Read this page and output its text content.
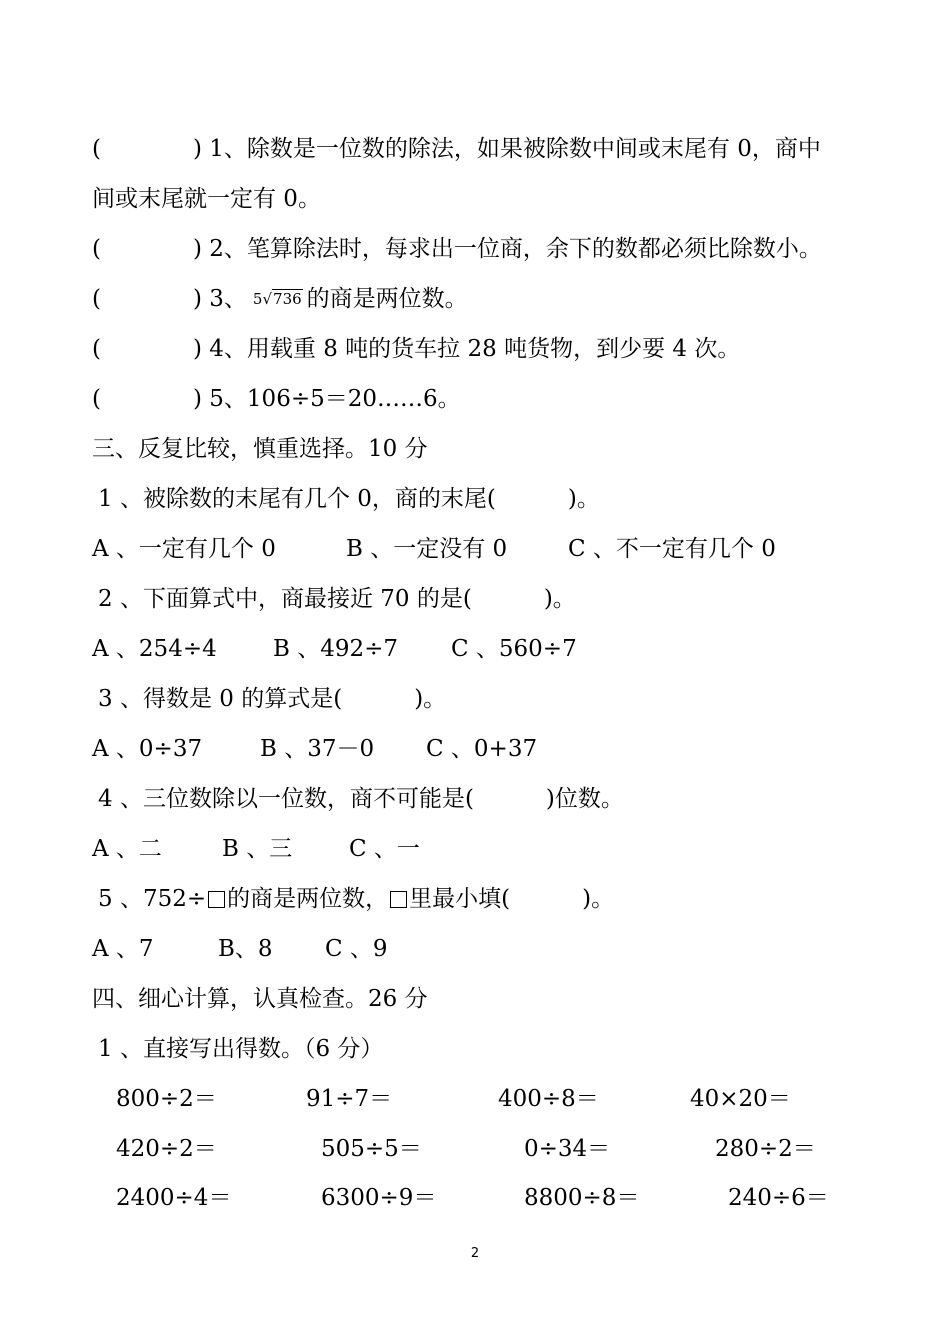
(	) 1、除数是一位数的除法，如果被除数中间或末尾有 0，商中
间或末尾就一定有 0。
(	) 2、笔算除法时，每求出一位商，余下的数都必须比除数小。
(	) 3、 5√736 的商是两位数。
(	) 4、用载重 8 吨的货车拉 28 吨货物，到少要 4 次。
(	) 5、106÷5＝20……6。
三、反复比较，慎重选择。10 分
1 、被除数的末尾有几个 0，商的末尾(	)。
A 、一定有几个 0	B 、一定没有 0	C 、不一定有几个 0
2 、下面算式中，商最接近 70 的是(	)。
A 、254÷4 B 、492÷7 C 、560÷7
3 、得数是 0 的算式是(	)。
A 、0÷37	B 、37－0 C 、0+37
4 、三位数除以一位数，商不可能是(	)位数。
A 、二	B 、三 C 、一
5 、752÷ 的商是两位数， 里最小填(	)。
A 、7	B、8 C 、9
四、细心计算，认真检查。26 分
1 、直接写出得数。（6 分）
800÷2＝	91÷7＝	400÷8＝	40×20＝
420÷2＝	505÷5＝	0÷34＝	280÷2＝
2400÷4＝	6300÷9＝	8800÷8＝	240÷6＝
2
